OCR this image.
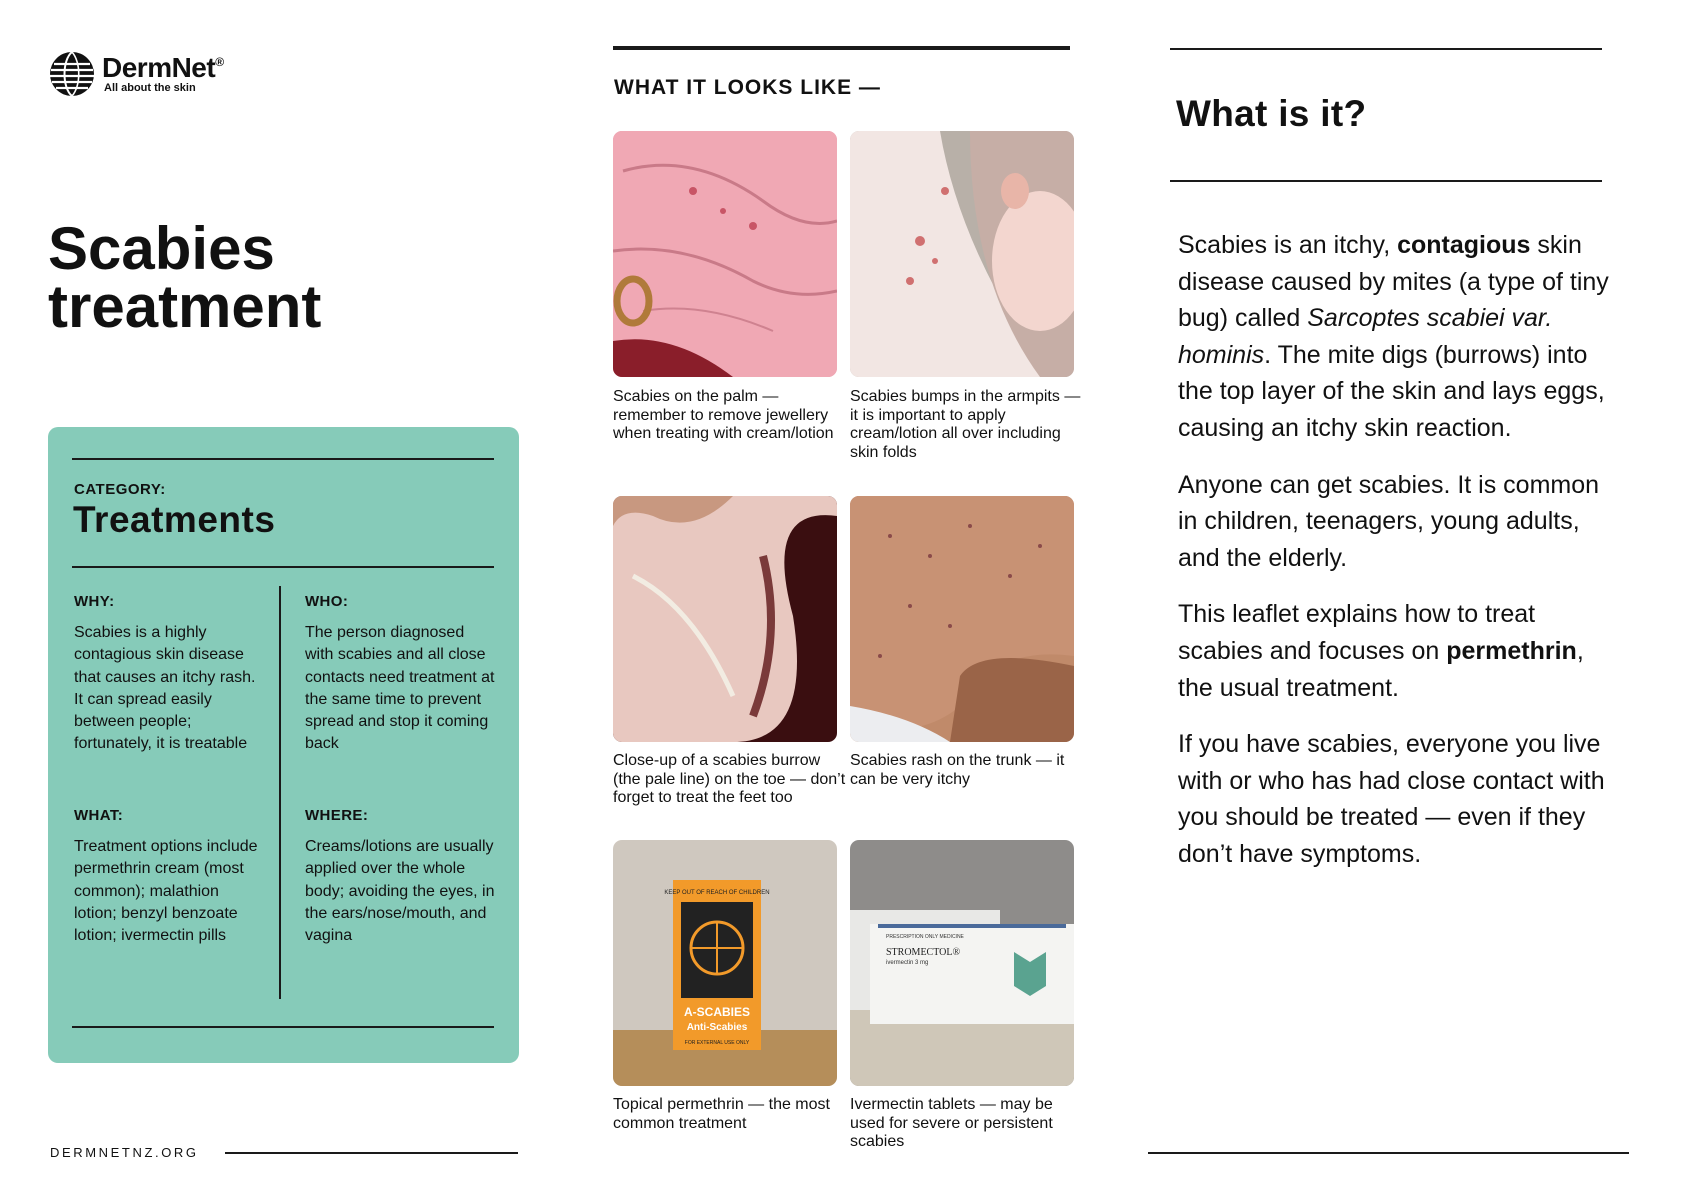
DermNet®
All about the skin
Scabies
treatment
CATEGORY:
Treatments
WHY:

Scabies is a highly contagious skin disease that causes an itchy rash. It can spread easily between people; fortunately, it is treatable

WHO:

The person diagnosed with scabies and all close contacts need treatment at the same time to prevent spread and stop it coming back

WHAT:

Treatment options include permethrin cream (most common); malathion lotion; benzyl benzoate lotion; ivermectin pills

WHERE:

Creams/lotions are usually applied over the whole body; avoiding the eyes, in the ears/nose/mouth, and vagina

DERMNETNZ.ORG
WHAT IT LOOKS LIKE —

Scabies on the palm — remember to remove jewellery when treating with cream/lotion

Scabies bumps in the armpits — it is important to apply cream/lotion all over including skin folds

Close-up of a scabies burrow (the pale line) on the toe — don’t forget to treat the feet too

Scabies rash on the trunk — it can be very itchy

KEEP OUT OF REACH OF CHILDREN
A-SCABIES
Anti-Scabies
FOR EXTERNAL USE ONLY

Topical permethrin — the most common treatment

PRESCRIPTION ONLY MEDICINE
STROMECTOL®
ivermectin 3 mg

Ivermectin tablets — may be used for severe or persistent scabies

What is it?

Scabies is an itchy, contagious skin disease caused by mites (a type of tiny bug) called Sarcoptes scabiei var. hominis. The mite digs (burrows) into the top layer of the skin and lays eggs, causing an itchy skin reaction.

Anyone can get scabies. It is common in children, teenagers, young adults, and the elderly.

This leaflet explains how to treat scabies and focuses on permethrin, the usual treatment.

If you have scabies, everyone you live with or who has had close contact with you should be treated — even if they don’t have symptoms.
